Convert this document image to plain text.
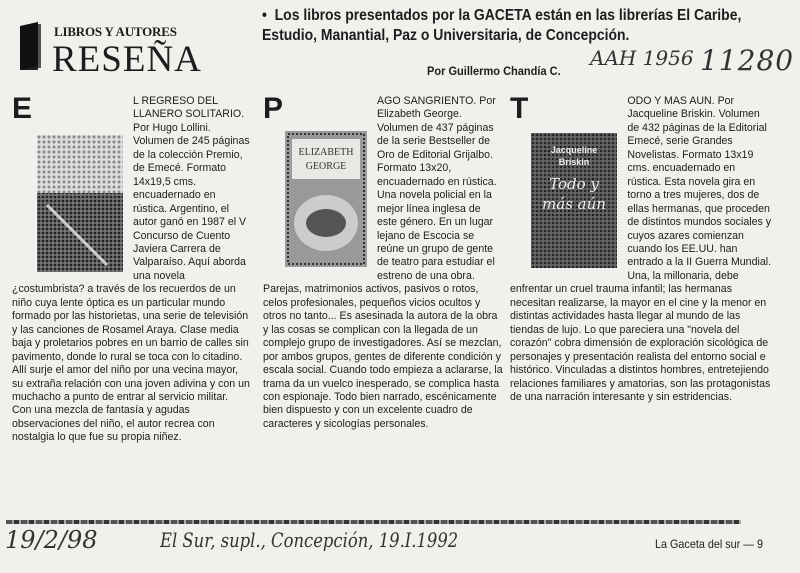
LIBROS Y AUTORES
RESEÑA
• Los libros presentados por la GACETA están en las librerías El Caribe, Estudio, Manantial, Paz o Universitaria, de Concepción.
Por Guillermo Chandía C.
AAH 1956 11280

E	L REGRESO DEL LLANERO SOLITARIO. Por Hugo Lollini. Volumen de 245 páginas de la colección Premio, de Emecé. Formato 14x19,5 cms. encuadernado en rústica. Argentino, el autor ganó en 1987 el V Concurso de Cuento Javiera Carrera de Valparaíso. Aquí aborda una novela ¿costumbrista? a través de los recuerdos de un niño cuya lente óptica es un particular mundo formado por las historietas, una serie de televisión y las canciones de Rosamel Araya. Clase media baja y proletarios pobres en un barrio de calles sin pavimento, donde lo rural se toca con lo citadino. Allí surje el amor del niño por una vecina mayor, su extraña relación con una joven adivina y con un muchacho a punto de entrar al servicio militar. Con una mezcla de fantasía y agudas observaciones del niño, el autor recrea con nostalgia lo que fue su propia niñez.

P
ELIZABETH
GEORGE
AGO SANGRIENTO. Por Elizabeth George. Volumen de 437 páginas de la serie Bestseller de Oro de Editorial Grijalbo. Formato 13x20, encuadernado en rústica. Una novela policial en la mejor línea inglesa de este género. En un lugar lejano de Escocia se reúne un grupo de gente de teatro para estudiar el estreno de una obra. Parejas, matrimonios activos, pasivos o rotos, celos profesionales, pequeños vicios ocultos y otros no tanto... Es asesinada la autora de la obra y las cosas se complican con la llegada de un complejo grupo de investigadores. Así se mezclan, por ambos grupos, gentes de diferente condición y escala social. Cuando todo empieza a aclararse, la trama da un vuelco inesperado, se complica hasta con espionaje. Todo bien narrado, escénicamente bien dispuesto y con un excelente cuadro de caracteres y sicologías personales.

T
Jacqueline
Briskin
Todo y
más aún
ODO Y MAS AUN. Por Jacqueline Briskin. Volumen de 432 páginas de la Editorial Emecé, serie Grandes Novelistas. Formato 13x19 cms. encuadernado en rústica. Esta novela gira en torno a tres mujeres, dos de ellas hermanas, que proceden de distintos mundos sociales y cuyos azares comienzan cuando los EE.UU. han entrado a la II Guerra Mundial. Una, la millonaria, debe enfrentar un cruel trauma infantil; las hermanas necesitan realizarse, la mayor en el cine y la menor en distintas actividades hasta llegar al mundo de las tiendas de lujo. Lo que pareciera una "novela del corazón" cobra dimensión de exploración sicológica de personajes y presentación realista del entorno social e histórico. Vinculadas a distintos hombres, entretejiendo relaciones familiares y amatorias, son las protagonistas de una narración interesante y sin estridencias.

19/2/98	El Sur, supl., Concepción, 19.I.1992	La Gaceta del sur — 9
